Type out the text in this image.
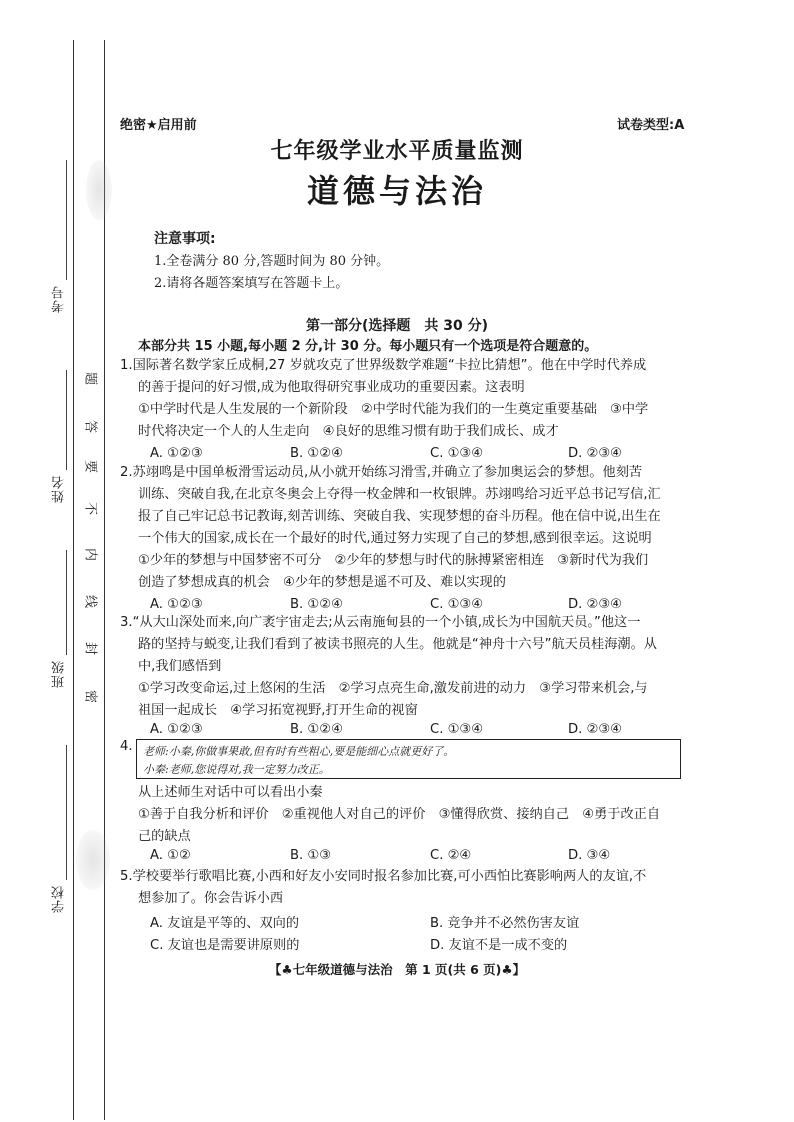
考号
姓名
班级
学校
题
答
要
不
内
线
封
密
绝密★启用前	试卷类型:A
七年级学业水平质量监测
道德与法治
注意事项:
1.全卷满分 80 分,答题时间为 80 分钟。
2.请将各题答案填写在答题卡上。
第一部分(选择题　共 30 分)
本部分共 15 小题,每小题 2 分,计 30 分。每小题只有一个选项是符合题意的。
1.国际著名数学家丘成桐,27 岁就攻克了世界级数学难题“卡拉比猜想”。他在中学时代养成
的善于提问的好习惯,成为他取得研究事业成功的重要因素。这表明
①中学时代是人生发展的一个新阶段　②中学时代能为我们的一生奠定重要基础　③中学
时代将决定一个人的人生走向　④良好的思维习惯有助于我们成长、成才
A. ①②③	B. ①②④	C. ①③④	D. ②③④
2.苏翊鸣是中国单板滑雪运动员,从小就开始练习滑雪,并确立了参加奥运会的梦想。他刻苦
训练、突破自我,在北京冬奥会上夺得一枚金牌和一枚银牌。苏翊鸣给习近平总书记写信,汇
报了自己牢记总书记教诲,刻苦训练、突破自我、实现梦想的奋斗历程。他在信中说,出生在
一个伟大的国家,成长在一个最好的时代,通过努力实现了自己的梦想,感到很幸运。这说明
①少年的梦想与中国梦密不可分　②少年的梦想与时代的脉搏紧密相连　③新时代为我们
创造了梦想成真的机会　④少年的梦想是遥不可及、难以实现的
A. ①②③	B. ①②④	C. ①③④	D. ②③④
3.“从大山深处而来,向广袤宇宙走去;从云南施甸县的一个小镇,成长为中国航天员。”他这一
路的坚持与蜕变,让我们看到了被读书照亮的人生。他就是“神舟十六号”航天员桂海潮。从
中,我们感悟到
①学习改变命运,过上悠闲的生活　②学习点亮生命,激发前进的动力　③学习带来机会,与
祖国一起成长　④学习拓宽视野,打开生命的视窗
A. ①②③	B. ①②④	C. ①③④	D. ②③④
4. 老师:小秦,你做事果敢,但有时有些粗心,要是能细心点就更好了。
小秦:老师,您说得对,我一定努力改正。
从上述师生对话中可以看出小秦
①善于自我分析和评价　②重视他人对自己的评价　③懂得欣赏、接纳自己　④勇于改正自
己的缺点
A. ①②	B. ①③	C. ②④	D. ③④
5.学校要举行歌唱比赛,小西和好友小安同时报名参加比赛,可小西怕比赛影响两人的友谊,不
想参加了。你会告诉小西
A. 友谊是平等的、双向的	B. 竞争并不必然伤害友谊
C. 友谊也是需要讲原则的	D. 友谊不是一成不变的
【♣七年级道德与法治　第 1 页(共 6 页)♣】
